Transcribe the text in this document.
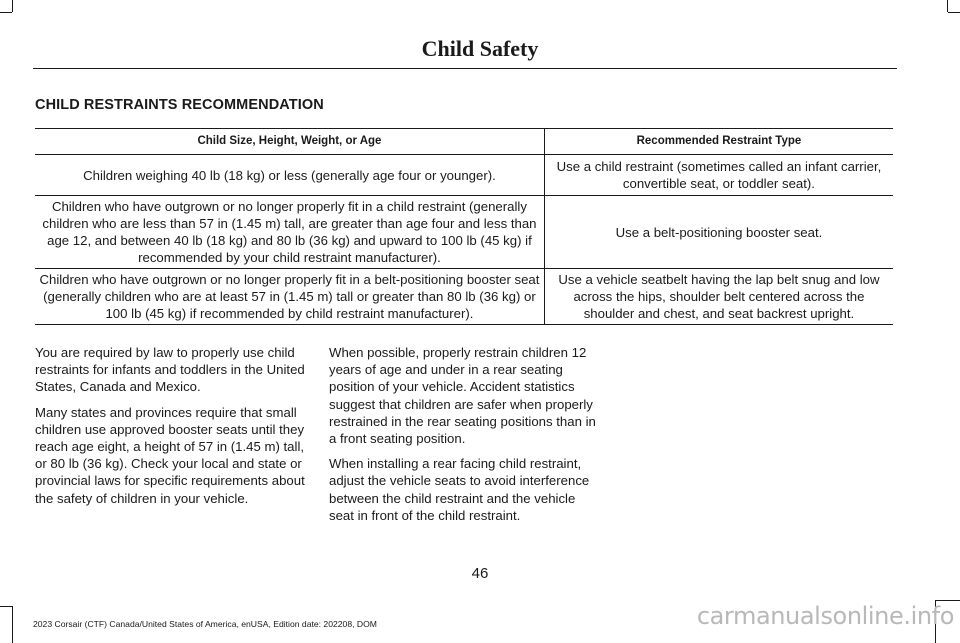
Child Safety
CHILD RESTRAINTS RECOMMENDATION
Child Size, Height, Weight, or Age	Recommended Restraint Type
Children weighing 40 lb (18 kg) or less (generally age four or younger).	Use a child restraint (sometimes called an infant carrier, convertible seat, or toddler seat).
Children who have outgrown or no longer properly fit in a child restraint (generally children who are less than 57 in (1.45 m) tall, are greater than age four and less than age 12, and between 40 lb (18 kg) and 80 lb (36 kg) and upward to 100 lb (45 kg) if recommended by your child restraint manufacturer).	Use a belt-positioning booster seat.
Children who have outgrown or no longer properly fit in a belt-positioning booster seat (generally children who are at least 57 in (1.45 m) tall or greater than 80 lb (36 kg) or 100 lb (45 kg) if recommended by child restraint manufacturer).	Use a vehicle seatbelt having the lap belt snug and low across the hips, shoulder belt centered across the shoulder and chest, and seat backrest upright.

You are required by law to properly use child restraints for infants and toddlers in the United States, Canada and Mexico.

Many states and provinces require that small children use approved booster seats until they reach age eight, a height of 57 in (1.45 m) tall, or 80 lb (36 kg). Check your local and state or provincial laws for specific requirements about the safety of children in your vehicle.

When possible, properly restrain children 12 years of age and under in a rear seating position of your vehicle. Accident statistics suggest that children are safer when properly restrained in the rear seating positions than in a front seating position.

When installing a rear facing child restraint, adjust the vehicle seats to avoid interference between the child restraint and the vehicle seat in front of the child restraint.

46
2023 Corsair (CTF) Canada/United States of America, enUSA, Edition date: 202208, DOM	carmanualsonline.info
